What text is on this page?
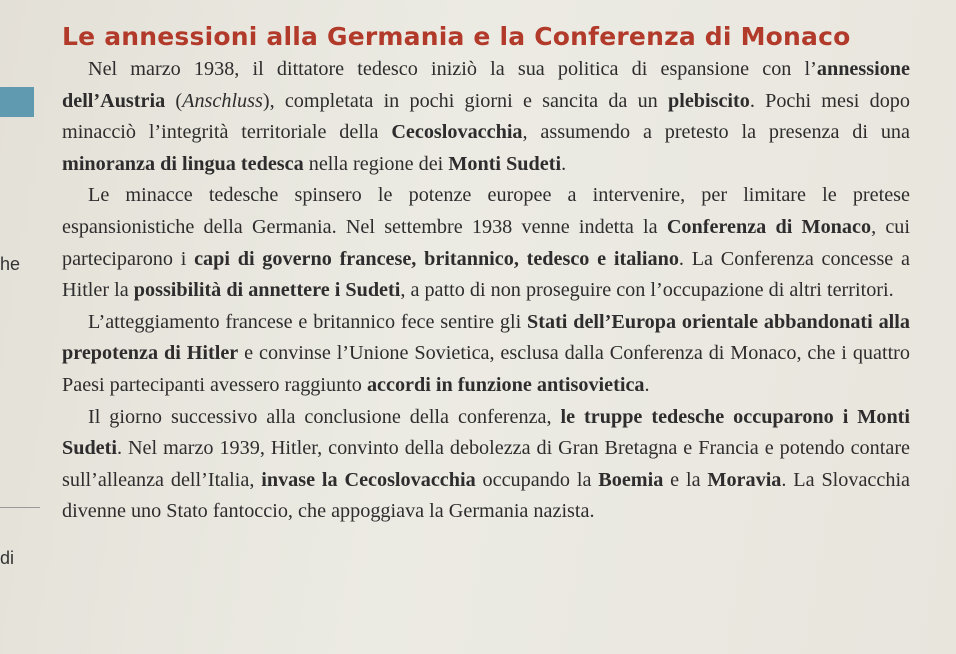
he
di
Le annessioni alla Germania e la Conferenza di Monaco

Nel marzo 1938, il dittatore tedesco iniziò la sua politica di espansione con l’annessione dell’Austria (Anschluss), completata in pochi giorni e sancita da un plebiscito. Pochi mesi dopo minacciò l’integrità territoriale della Cecoslovacchia, assumendo a pretesto la presenza di una minoranza di lingua tedesca nella regione dei Monti Sudeti.

Le minacce tedesche spinsero le potenze europee a intervenire, per limitare le pretese espansionistiche della Germania. Nel settembre 1938 venne indetta la Conferenza di Monaco, cui parteciparono i capi di governo francese, britannico, tedesco e italiano. La Conferenza concesse a Hitler la possibilità di annettere i Sudeti, a patto di non proseguire con l’occupazione di altri territori.

L’atteggiamento francese e britannico fece sentire gli Stati dell’Europa orientale abbandonati alla prepotenza di Hitler e convinse l’Unione Sovietica, esclusa dalla Conferenza di Monaco, che i quattro Paesi partecipanti avessero raggiunto accordi in funzione antisovietica.

Il giorno successivo alla conclusione della conferenza, le truppe tedesche occuparono i Monti Sudeti. Nel marzo 1939, Hitler, convinto della debolezza di Gran Bretagna e Francia e potendo contare sull’alleanza dell’Italia, invase la Cecoslovacchia occupando la Boemia e la Moravia. La Slovacchia divenne uno Stato fantoccio, che appoggiava la Germania nazista.
